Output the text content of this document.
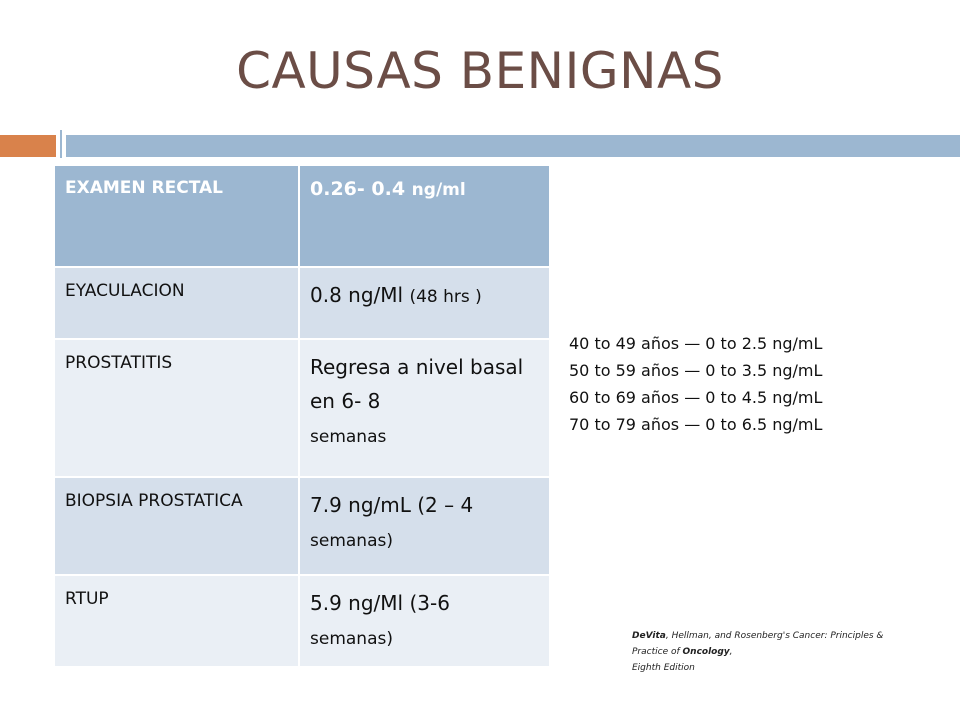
CAUSAS BENIGNAS
EXAMEN RECTAL	0.26- 0.4 ng/ml
EYACULACION	0.8 ng/Ml (48 hrs )
PROSTATITIS	Regresa a nivel basal en 6- 8
semanas
BIOPSIA PROSTATICA	7.9 ng/mL (2 – 4
semanas)
RTUP	5.9 ng/Ml (3-6
semanas)
40 to 49 años — 0 to 2.5 ng/mL
50 to 59 años — 0 to 3.5 ng/mL
60 to 69 años — 0 to 4.5 ng/mL
70 to 79 años — 0 to 6.5 ng/mL
DeVita, Hellman, and Rosenberg's Cancer: Principles &
Practice of Oncology,
Eighth Edition
